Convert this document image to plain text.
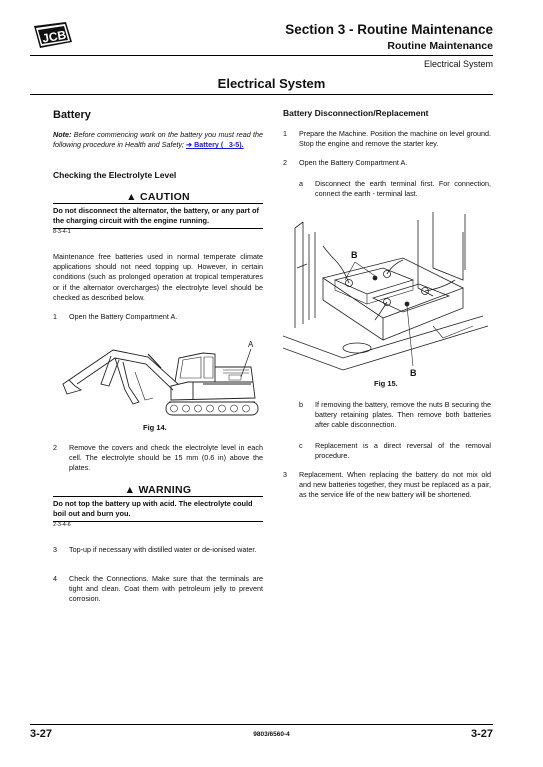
JCB	Section 3 - Routine Maintenance
Routine Maintenance
Electrical System
Electrical System
Battery
Note: Before commencing work on the battery you must read the following procedure in Health and Safety; ➔ Battery (  3-5).
Checking the Electrolyte Level
▲ CAUTION
Do not disconnect the alternator, the battery, or any part of the charging circuit with the engine running.
8-3-4-1
Maintenance free batteries used in normal temperate climate applications should not need topping up. However, in certain conditions (such as prolonged operation at tropical temperatures or if the alternator overcharges) the electrolyte level should be checked as described below.
1 Open the Battery Compartment A.
A
Fig 14.
2 Remove the covers and check the electrolyte level in each cell. The electrolyte should be 15 mm (0.6 in) above the plates.
▲ WARNING
Do not top the battery up with acid. The electrolyte could boil out and burn you.
2-3-4-6
3 Top-up if necessary with distilled water or de-ionised water.
4 Check the Connections. Make sure that the terminals are tight and clean. Coat them with petroleum jelly to prevent corrosion.
Battery Disconnection/Replacement
1 Prepare the Machine. Position the machine on level ground. Stop the engine and remove the starter key.
2 Open the Battery Compartment A.
a Disconnect the earth terminal first. For connection, connect the earth - terminal last.
B
B
Fig 15.
b If removing the battery, remove the nuts B securing the battery retaining plates. Then remove both batteries after cable disconnection.
c Replacement is a direct reversal of the removal procedure.
3 Replacement. When replacing the battery do not mix old and new batteries together, they must be replaced as a pair, as the service life of the new battery will be shortened.
3-27	9803/6560-4	3-27
